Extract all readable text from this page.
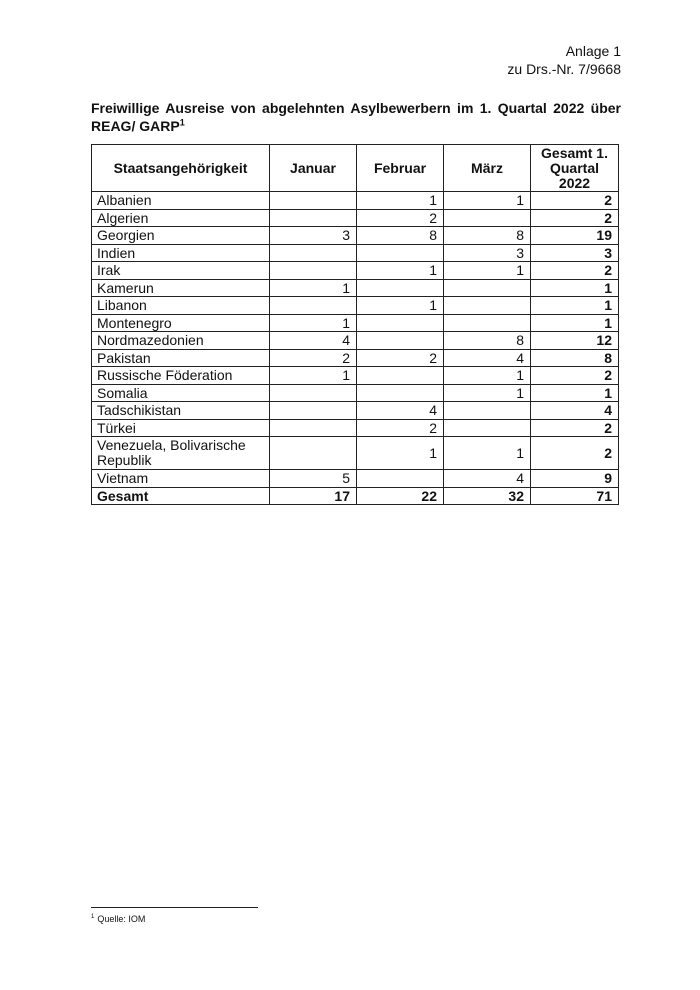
Anlage 1
zu Drs.-Nr. 7/9668
Freiwillige Ausreise von abgelehnten Asylbewerbern im 1. Quartal 2022 über REAG/ GARP$^1$
Staatsangehörigkeit	Januar	Februar	März	Gesamt 1. Quartal 2022
Albanien		1	1	2
Algerien		2		2
Georgien	3	8	8	19
Indien			3	3
Irak		1	1	2
Kamerun	1			1
Libanon		1		1
Montenegro	1			1
Nordmazedonien	4		8	12
Pakistan	2	2	4	8
Russische Föderation	1		1	2
Somalia			1	1
Tadschikistan		4		4
Türkei		2		2
Venezuela, Bolivarische Republik		1	1	2
Vietnam	5		4	9
Gesamt	17	22	32	71
$^1$ Quelle: IOM
